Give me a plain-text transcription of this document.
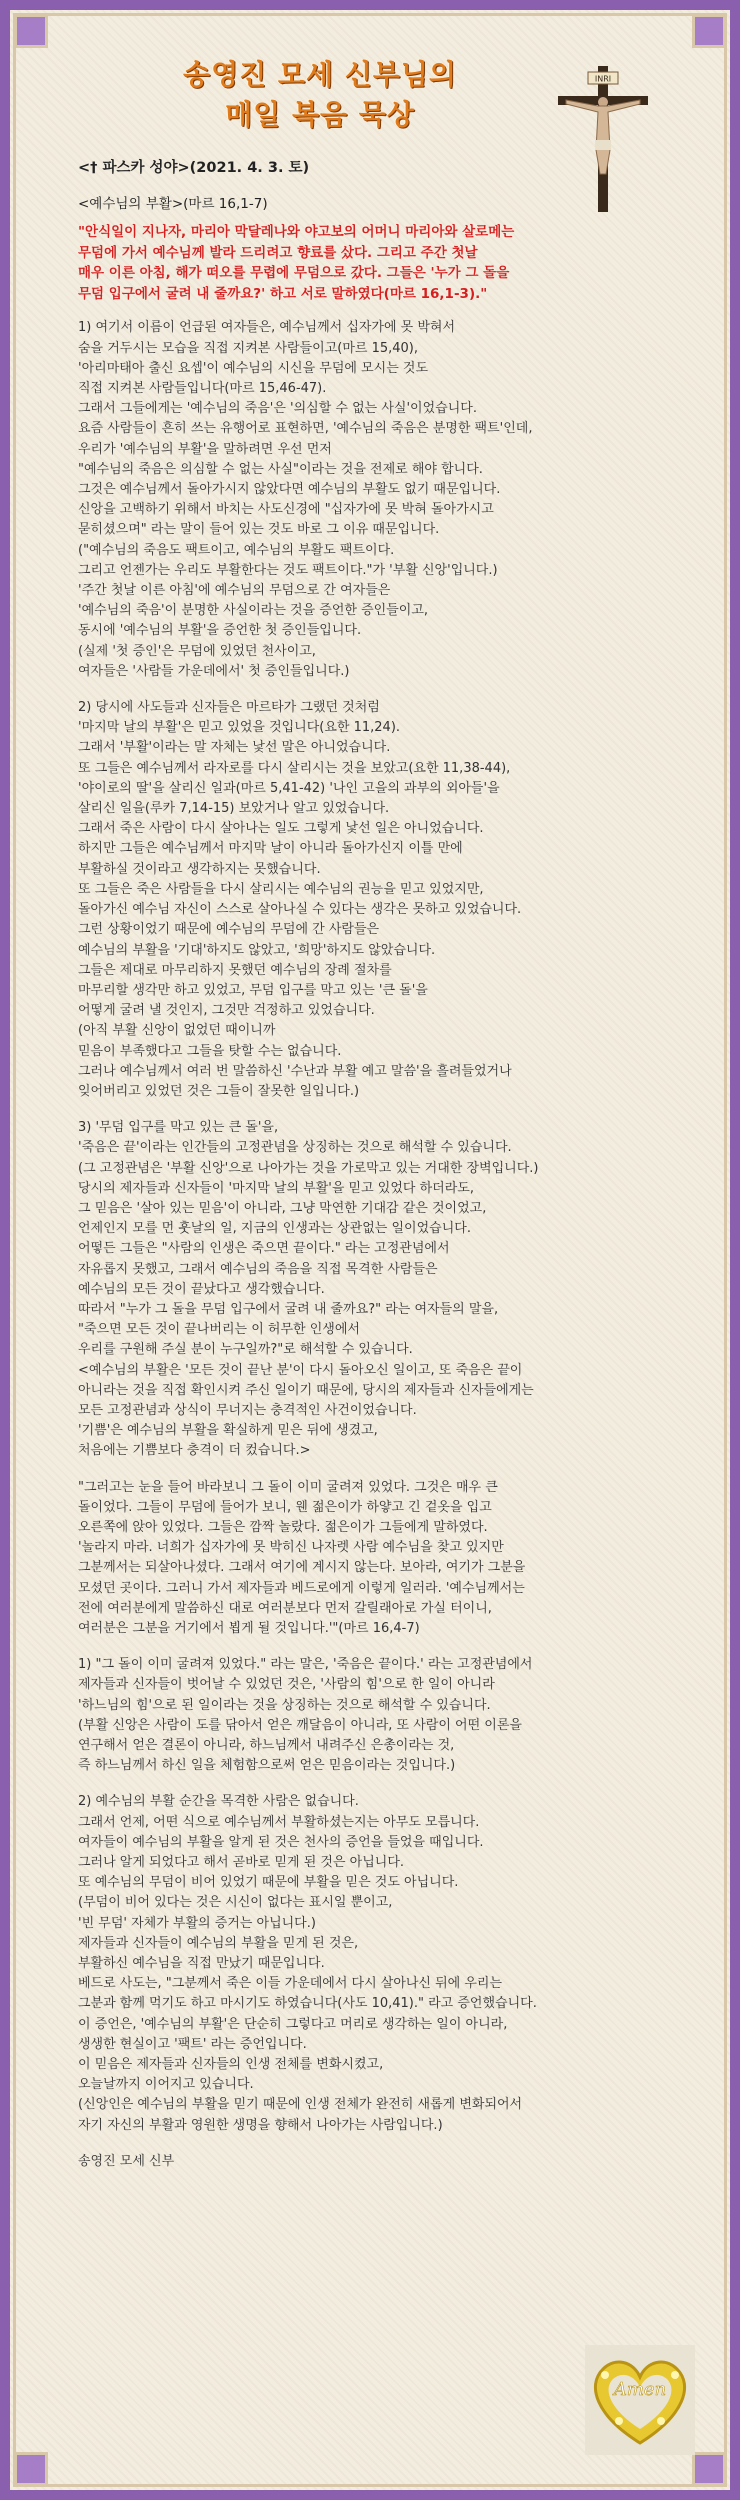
송영진 모세 신부님의
매일 복음 묵상
INRI
<† 파스카 성야>(2021. 4. 3. 토)
<예수님의 부활>(마르 16,1-7)
"안식일이 지나자, 마리아 막달레나와 야고보의 어머니 마리아와 살로메는
무덤에 가서 예수님께 발라 드리려고 향료를 샀다. 그리고 주간 첫날
매우 이른 아침, 해가 떠오를 무렵에 무덤으로 갔다. 그들은 '누가 그 돌을
무덤 입구에서 굴려 내 줄까요?' 하고 서로 말하였다(마르 16,1-3)."
1) 여기서 이름이 언급된 여자들은, 예수님께서 십자가에 못 박혀서
숨을 거두시는 모습을 직접 지켜본 사람들이고(마르 15,40),
'아리마태아 출신 요셉'이 예수님의 시신을 무덤에 모시는 것도
직접 지켜본 사람들입니다(마르 15,46-47).
그래서 그들에게는 '예수님의 죽음'은 '의심할 수 없는 사실'이었습니다.
요즘 사람들이 흔히 쓰는 유행어로 표현하면, '예수님의 죽음은 분명한 팩트'인데,
우리가 '예수님의 부활'을 말하려면 우선 먼저
"예수님의 죽음은 의심할 수 없는 사실"이라는 것을 전제로 해야 합니다.
그것은 예수님께서 돌아가시지 않았다면 예수님의 부활도 없기 때문입니다.
신앙을 고백하기 위해서 바치는 사도신경에 "십자가에 못 박혀 돌아가시고
묻히셨으며" 라는 말이 들어 있는 것도 바로 그 이유 때문입니다.
("예수님의 죽음도 팩트이고, 예수님의 부활도 팩트이다.
그리고 언젠가는 우리도 부활한다는 것도 팩트이다."가 '부활 신앙'입니다.)
'주간 첫날 이른 아침'에 예수님의 무덤으로 간 여자들은
'예수님의 죽음'이 분명한 사실이라는 것을 증언한 증인들이고,
동시에 '예수님의 부활'을 증언한 첫 증인들입니다.
(실제 '첫 증인'은 무덤에 있었던 천사이고,
여자들은 '사람들 가운데에서' 첫 증인들입니다.)
2) 당시에 사도들과 신자들은 마르타가 그랬던 것처럼
'마지막 날의 부활'은 믿고 있었을 것입니다(요한 11,24).
그래서 '부활'이라는 말 자체는 낯선 말은 아니었습니다.
또 그들은 예수님께서 라자로를 다시 살리시는 것을 보았고(요한 11,38-44),
'야이로의 딸'을 살리신 일과(마르 5,41-42) '나인 고을의 과부의 외아들'을
살리신 일을(루카 7,14-15) 보았거나 알고 있었습니다.
그래서 죽은 사람이 다시 살아나는 일도 그렇게 낯선 일은 아니었습니다.
하지만 그들은 예수님께서 마지막 날이 아니라 돌아가신지 이틀 만에
부활하실 것이라고 생각하지는 못했습니다.
또 그들은 죽은 사람들을 다시 살리시는 예수님의 권능을 믿고 있었지만,
돌아가신 예수님 자신이 스스로 살아나실 수 있다는 생각은 못하고 있었습니다.
그런 상황이었기 때문에 예수님의 무덤에 간 사람들은
예수님의 부활을 '기대'하지도 않았고, '희망'하지도 않았습니다.
그들은 제대로 마무리하지 못했던 예수님의 장례 절차를
마무리할 생각만 하고 있었고, 무덤 입구를 막고 있는 '큰 돌'을
어떻게 굴려 낼 것인지, 그것만 걱정하고 있었습니다.
(아직 부활 신앙이 없었던 때이니까
믿음이 부족했다고 그들을 탓할 수는 없습니다.
그러나 예수님께서 여러 번 말씀하신 '수난과 부활 예고 말씀'을 흘려들었거나
잊어버리고 있었던 것은 그들이 잘못한 일입니다.)
3) '무덤 입구를 막고 있는 큰 돌'을,
'죽음은 끝'이라는 인간들의 고정관념을 상징하는 것으로 해석할 수 있습니다.
(그 고정관념은 '부활 신앙'으로 나아가는 것을 가로막고 있는 거대한 장벽입니다.)
당시의 제자들과 신자들이 '마지막 날의 부활'을 믿고 있었다 하더라도,
그 믿음은 '살아 있는 믿음'이 아니라, 그냥 막연한 기대감 같은 것이었고,
언제인지 모를 먼 훗날의 일, 지금의 인생과는 상관없는 일이었습니다.
어떻든 그들은 "사람의 인생은 죽으면 끝이다." 라는 고정관념에서
자유롭지 못했고, 그래서 예수님의 죽음을 직접 목격한 사람들은
예수님의 모든 것이 끝났다고 생각했습니다.
따라서 "누가 그 돌을 무덤 입구에서 굴려 내 줄까요?" 라는 여자들의 말을,
"죽으면 모든 것이 끝나버리는 이 허무한 인생에서
우리를 구원해 주실 분이 누구일까?"로 해석할 수 있습니다.
<예수님의 부활은 '모든 것이 끝난 분'이 다시 돌아오신 일이고, 또 죽음은 끝이
아니라는 것을 직접 확인시켜 주신 일이기 때문에, 당시의 제자들과 신자들에게는
모든 고정관념과 상식이 무너지는 충격적인 사건이었습니다.
'기쁨'은 예수님의 부활을 확실하게 믿은 뒤에 생겼고,
처음에는 기쁨보다 충격이 더 컸습니다.>
"그러고는 눈을 들어 바라보니 그 돌이 이미 굴려져 있었다. 그것은 매우 큰
돌이었다. 그들이 무덤에 들어가 보니, 웬 젊은이가 하얗고 긴 겉옷을 입고
오른쪽에 앉아 있었다. 그들은 깜짝 놀랐다. 젊은이가 그들에게 말하였다.
'놀라지 마라. 너희가 십자가에 못 박히신 나자렛 사람 예수님을 찾고 있지만
그분께서는 되살아나셨다. 그래서 여기에 계시지 않는다. 보아라, 여기가 그분을
모셨던 곳이다. 그러니 가서 제자들과 베드로에게 이렇게 일러라. '예수님께서는
전에 여러분에게 말씀하신 대로 여러분보다 먼저 갈릴래아로 가실 터이니,
여러분은 그분을 거기에서 뵙게 될 것입니다.'"(마르 16,4-7)
1) "그 돌이 이미 굴려져 있었다." 라는 말은, '죽음은 끝이다.' 라는 고정관념에서
제자들과 신자들이 벗어날 수 있었던 것은, '사람의 힘'으로 한 일이 아니라
'하느님의 힘'으로 된 일이라는 것을 상징하는 것으로 해석할 수 있습니다.
(부활 신앙은 사람이 도를 닦아서 얻은 깨달음이 아니라, 또 사람이 어떤 이론을
연구해서 얻은 결론이 아니라, 하느님께서 내려주신 은총이라는 것,
즉 하느님께서 하신 일을 체험함으로써 얻은 믿음이라는 것입니다.)
2) 예수님의 부활 순간을 목격한 사람은 없습니다.
그래서 언제, 어떤 식으로 예수님께서 부활하셨는지는 아무도 모릅니다.
여자들이 예수님의 부활을 알게 된 것은 천사의 증언을 들었을 때입니다.
그러나 알게 되었다고 해서 곧바로 믿게 된 것은 아닙니다.
또 예수님의 무덤이 비어 있었기 때문에 부활을 믿은 것도 아닙니다.
(무덤이 비어 있다는 것은 시신이 없다는 표시일 뿐이고,
'빈 무덤' 자체가 부활의 증거는 아닙니다.)
제자들과 신자들이 예수님의 부활을 믿게 된 것은,
부활하신 예수님을 직접 만났기 때문입니다.
베드로 사도는, "그분께서 죽은 이들 가운데에서 다시 살아나신 뒤에 우리는
그분과 함께 먹기도 하고 마시기도 하였습니다(사도 10,41)." 라고 증언했습니다.
이 증언은, '예수님의 부활'은 단순히 그렇다고 머리로 생각하는 일이 아니라,
생생한 현실이고 '팩트' 라는 증언입니다.
이 믿음은 제자들과 신자들의 인생 전체를 변화시켰고,
오늘날까지 이어지고 있습니다.
(신앙인은 예수님의 부활을 믿기 때문에 인생 전체가 완전히 새롭게 변화되어서
자기 자신의 부활과 영원한 생명을 향해서 나아가는 사람입니다.)
송영진 모세 신부
Amen
